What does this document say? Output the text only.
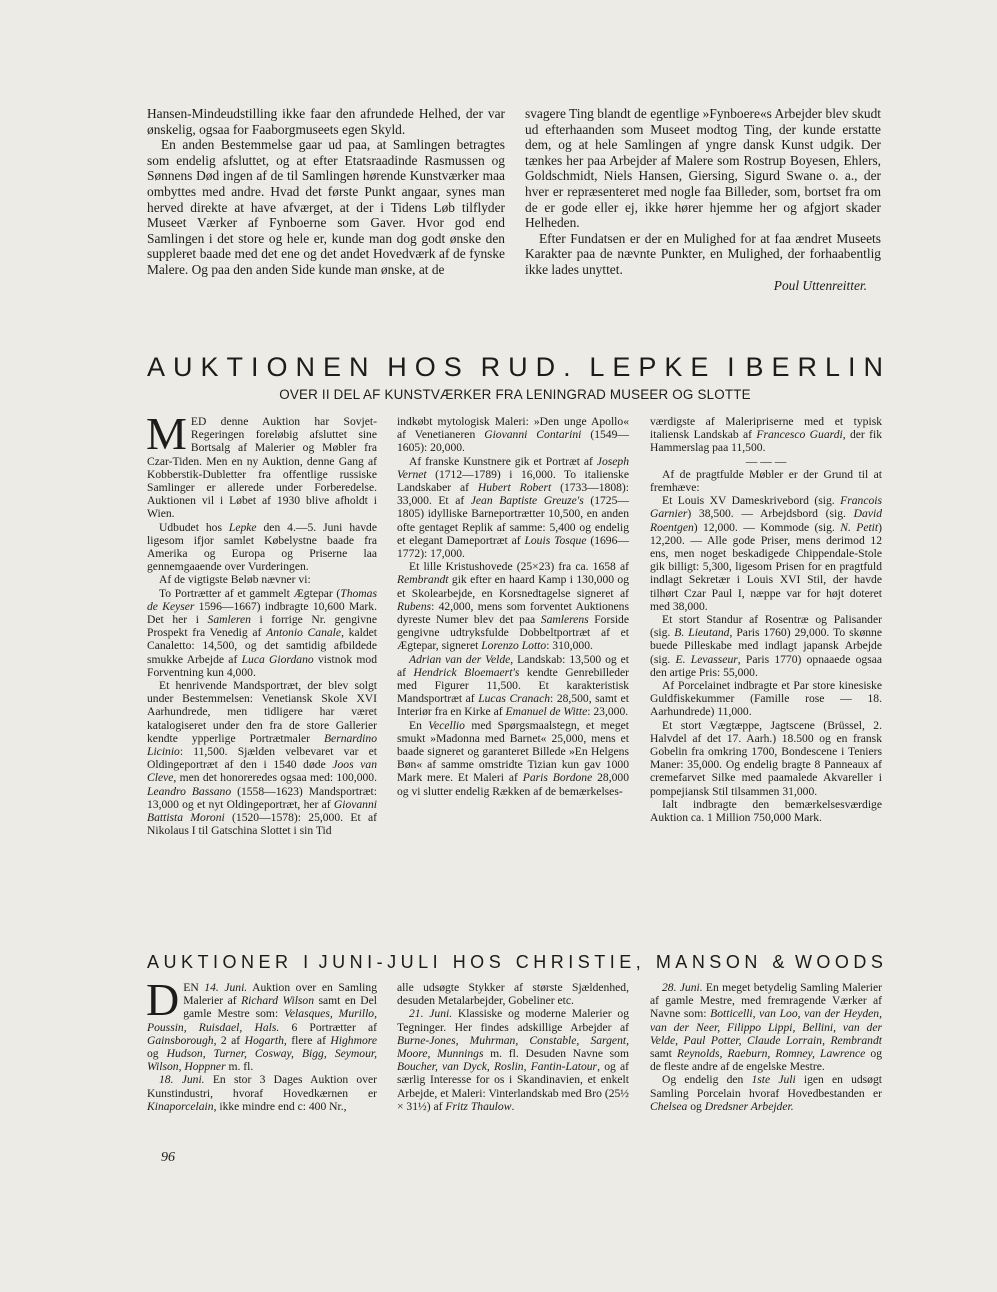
Hansen-Mindeudstilling ikke faar den afrundede Helhed, der var ønskelig, ogsaa for Faaborgmuseets egen Skyld.

En anden Bestemmelse gaar ud paa, at Samlingen betragtes som endelig afsluttet, og at efter Etatsraadinde Rasmussen og Sønnens Død ingen af de til Samlingen hørende Kunstværker maa ombyttes med andre. Hvad det første Punkt angaar, synes man herved direkte at have afværget, at der i Tidens Løb tilflyder Museet Værker af Fynboerne som Gaver. Hvor god end Samlingen i det store og hele er, kunde man dog godt ønske den suppleret baade med det ene og det andet Hovedværk af de fynske Malere. Og paa den anden Side kunde man ønske, at de

svagere Ting blandt de egentlige »Fynboere«s Arbejder blev skudt ud efterhaanden som Museet modtog Ting, der kunde erstatte dem, og at hele Samlingen af yngre dansk Kunst udgik. Der tænkes her paa Arbejder af Malere som Rostrup Boyesen, Ehlers, Goldschmidt, Niels Hansen, Giersing, Sigurd Swane o. a., der hver er repræsenteret med nogle faa Billeder, som, bortset fra om de er gode eller ej, ikke hører hjemme her og afgjort skader Helheden.

Efter Fundatsen er der en Mulighed for at faa ændret Museets Karakter paa de nævnte Punkter, en Mulighed, der forhaabentlig ikke lades unyttet.

Poul Uttenreitter.

AUKTIONEN HOS RUD. LEPKE I BERLIN
OVER II DEL AF KUNSTVÆRKER FRA LENINGRAD MUSEER OG SLOTTE

MED denne Auktion har Sovjet-Regeringen foreløbig afsluttet sine Bortsalg af Malerier og Møbler fra Czar-Tiden. Men en ny Auktion, denne Gang af Kobberstik-Dubletter fra offentlige russiske Samlinger er allerede under Forberedelse. Auktionen vil i Løbet af 1930 blive afholdt i Wien.

Udbudet hos Lepke den 4.—5. Juni havde ligesom ifjor samlet Købelystne baade fra Amerika og Europa og Priserne laa gennemgaaende over Vurderingen.

Af de vigtigste Beløb nævner vi:

To Portrætter af et gammelt Ægtepar (Thomas de Keyser 1596—1667) indbragte 10,600 Mark. Det her i Samleren i forrige Nr. gengivne Prospekt fra Venedig af Antonio Canale, kaldet Canaletto: 14,500, og det samtidig afbildede smukke Arbejde af Luca Giordano vistnok mod Forventning kun 4,000.

Et henrivende Mandsportræt, der blev solgt under Bestemmelsen: Venetiansk Skole XVI Aarhundrede, men tidligere har været katalogiseret under den fra de store Gallerier kendte ypperlige Portrætmaler Bernardino Licinio: 11,500. Sjælden velbevaret var et Oldingeportræt af den i 1540 døde Joos van Cleve, men det honoreredes ogsaa med: 100,000. Leandro Bassano (1558—1623) Mandsportræt: 13,000 og et nyt Oldingeportræt, her af Giovanni Battista Moroni (1520—1578): 25,000. Et af Nikolaus I til Gatschina Slottet i sin Tid

indkøbt mytologisk Maleri: »Den unge Apollo« af Venetianeren Giovanni Contarini (1549—1605): 20,000.

Af franske Kunstnere gik et Portræt af Joseph Vernet (1712—1789) i 16,000. To italienske Landskaber af Hubert Robert (1733—1808): 33,000. Et af Jean Baptiste Greuze's (1725—1805) idylliske Barneportrætter 10,500, en anden ofte gentaget Replik af samme: 5,400 og endelig et elegant Dameportræt af Louis Tosque (1696—1772): 17,000.

Et lille Kristushovede (25×23) fra ca. 1658 af Rembrandt gik efter en haard Kamp i 130,000 og et Skolearbejde, en Korsnedtagelse signeret af Rubens: 42,000, mens som forventet Auktionens dyreste Numer blev det paa Samlerens Forside gengivne udtryksfulde Dobbeltportræt af et Ægtepar, signeret Lorenzo Lotto: 310,000.

Adrian van der Velde, Landskab: 13,500 og et af Hendrick Bloemaert's kendte Genrebilleder med Figurer 11,500. Et karakteristisk Mandsportræt af Lucas Cranach: 28,500, samt et Interiør fra en Kirke af Emanuel de Witte: 23,000.

En Vecellio med Spørgsmaalstegn, et meget smukt »Madonna med Barnet« 25,000, mens et baade signeret og garanteret Billede »En Helgens Bøn« af samme omstridte Tizian kun gav 1000 Mark mere. Et Maleri af Paris Bordone 28,000 og vi slutter endelig Rækken af de bemærkelses-

værdigste af Maleripriserne med et typisk italiensk Landskab af Francesco Guardi, der fik Hammerslag paa 11,500.

— — —

Af de pragtfulde Møbler er der Grund til at fremhæve:

Et Louis XV Dameskrivebord (sig. Francois Garnier) 38,500. — Arbejdsbord (sig. David Roentgen) 12,000. — Kommode (sig. N. Petit) 12,200. — Alle gode Priser, mens derimod 12 ens, men noget beskadigede Chippendale-Stole gik billigt: 5,300, ligesom Prisen for en pragtfuld indlagt Sekretær i Louis XVI Stil, der havde tilhørt Czar Paul I, næppe var for højt doteret med 38,000.

Et stort Standur af Rosentræ og Palisander (sig. B. Lieutand, Paris 1760) 29,000. To skønne buede Pilleskabe med indlagt japansk Arbejde (sig. E. Levasseur, Paris 1770) opnaaede ogsaa den artige Pris: 55,000.

Af Porcelainet indbragte et Par store kinesiske Guldfiskekummer (Famille rose — 18. Aarhundrede) 11,000.

Et stort Vægtæppe, Jagtscene (Brüssel, 2. Halvdel af det 17. Aarh.) 18.500 og en fransk Gobelin fra omkring 1700, Bondescene i Teniers Maner: 35,000. Og endelig bragte 8 Panneaux af cremefarvet Silke med paamalede Akvareller i pompejiansk Stil tilsammen 31,000.

Ialt indbragte den bemærkelsesværdige Auktion ca. 1 Million 750,000 Mark.

AUKTIONER I JUNI-JULI HOS CHRISTIE, MANSON & WOODS

DEN 14. Juni. Auktion over en Samling Malerier af Richard Wilson samt en Del gamle Mestre som: Velasques, Murillo, Poussin, Ruisdael, Hals. 6 Portrætter af Gainsborough, 2 af Hogarth, flere af Highmore og Hudson, Turner, Cosway, Bigg, Seymour, Wilson, Hoppner m. fl.

18. Juni. En stor 3 Dages Auktion over Kunstindustri, hvoraf Hovedkærnen er Kinaporcelain, ikke mindre end c: 400 Nr.,

alle udsøgte Stykker af største Sjældenhed, desuden Metalarbejder, Gobeliner etc.

21. Juni. Klassiske og moderne Malerier og Tegninger. Her findes adskillige Arbejder af Burne-Jones, Muhrman, Constable, Sargent, Moore, Munnings m. fl. Desuden Navne som Boucher, van Dyck, Roslin, Fantin-Latour, og af særlig Interesse for os i Skandinavien, et enkelt Arbejde, et Maleri: Vinterlandskab med Bro (25½ × 31½) af Fritz Thaulow.

28. Juni. En meget betydelig Samling Malerier af gamle Mestre, med fremragende Værker af Navne som: Botticelli, van Loo, van der Heyden, van der Neer, Filippo Lippi, Bellini, van der Velde, Paul Potter, Claude Lorrain, Rembrandt samt Reynolds, Raeburn, Romney, Lawrence og de fleste andre af de engelske Mestre.

Og endelig den 1ste Juli igen en udsøgt Samling Porcelain hvoraf Hovedbestanden er Chelsea og Dredsner Arbejder.

96
